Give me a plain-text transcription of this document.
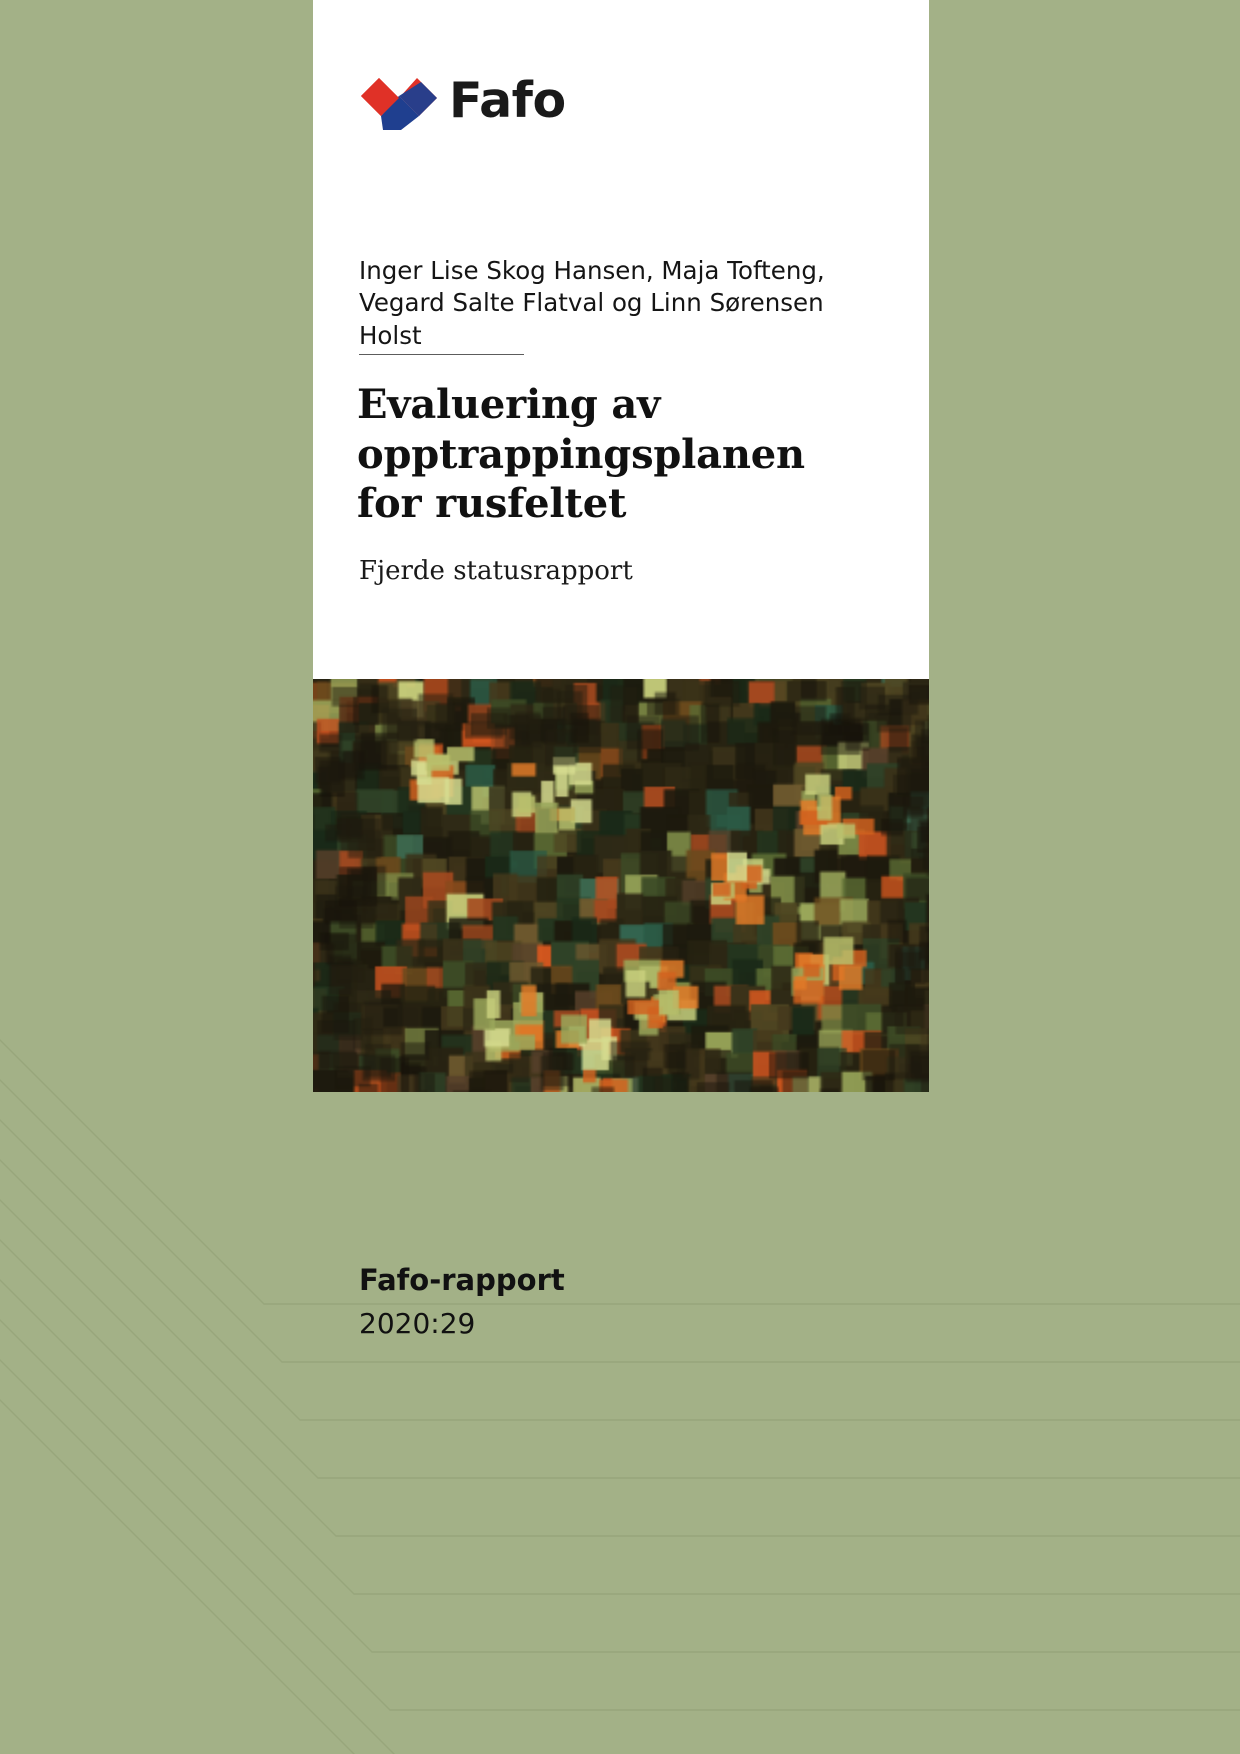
Fafo
Inger Lise Skog Hansen, Maja Tofteng, Vegard Salte Flatval og Linn Sørensen Holst
Evaluering av opptrappingsplanen for rusfeltet
Fjerde statusrapport
Fafo-rapport
2020:29
